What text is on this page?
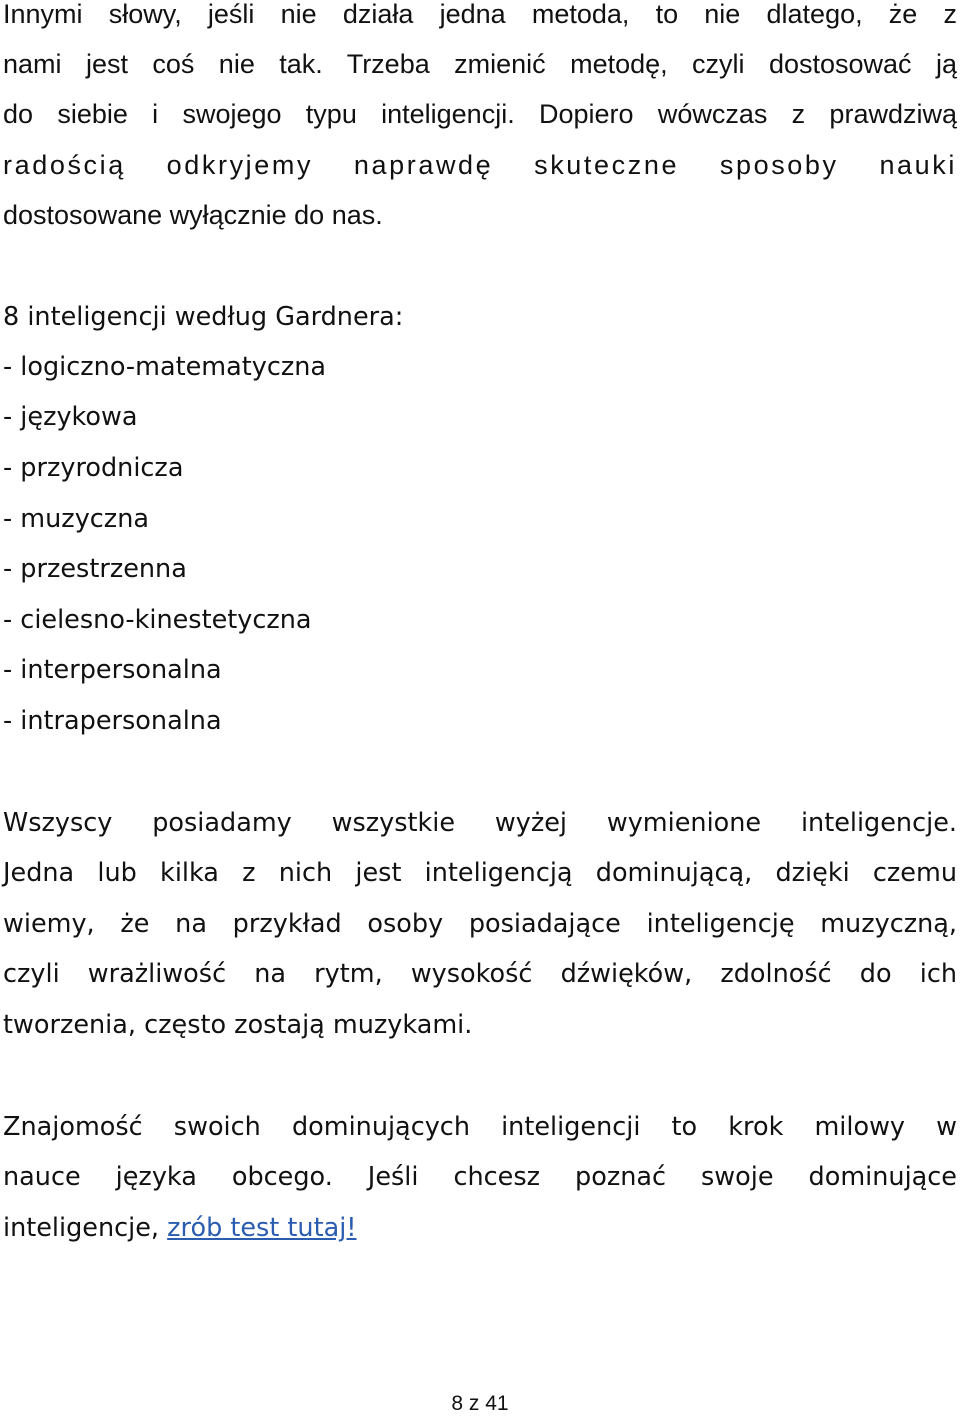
Innymi słowy, jeśli nie działa jedna metoda, to nie dlatego, że z

nami jest coś nie tak. Trzeba zmienić metodę, czyli dostosować ją

do siebie i swojego typu inteligencji. Dopiero wówczas z prawdziwą

radością odkryjemy naprawdę skuteczne sposoby nauki

dostosowane wyłącznie do nas.

8 inteligencji według Gardnera:

- logiczno-matematyczna

- językowa

- przyrodnicza

- muzyczna

- przestrzenna

- cielesno-kinestetyczna

- interpersonalna

- intrapersonalna

Wszyscy posiadamy wszystkie wyżej wymienione inteligencje.

Jedna lub kilka z nich jest inteligencją dominującą, dzięki czemu

wiemy, że na przykład osoby posiadające inteligencję muzyczną,

czyli wrażliwość na rytm, wysokość dźwięków, zdolność do ich

tworzenia, często zostają muzykami.

Znajomość swoich dominujących inteligencji to krok milowy w

nauce języka obcego. Jeśli chcesz poznać swoje dominujące

inteligencje, zrób test tutaj!

8 z 41
